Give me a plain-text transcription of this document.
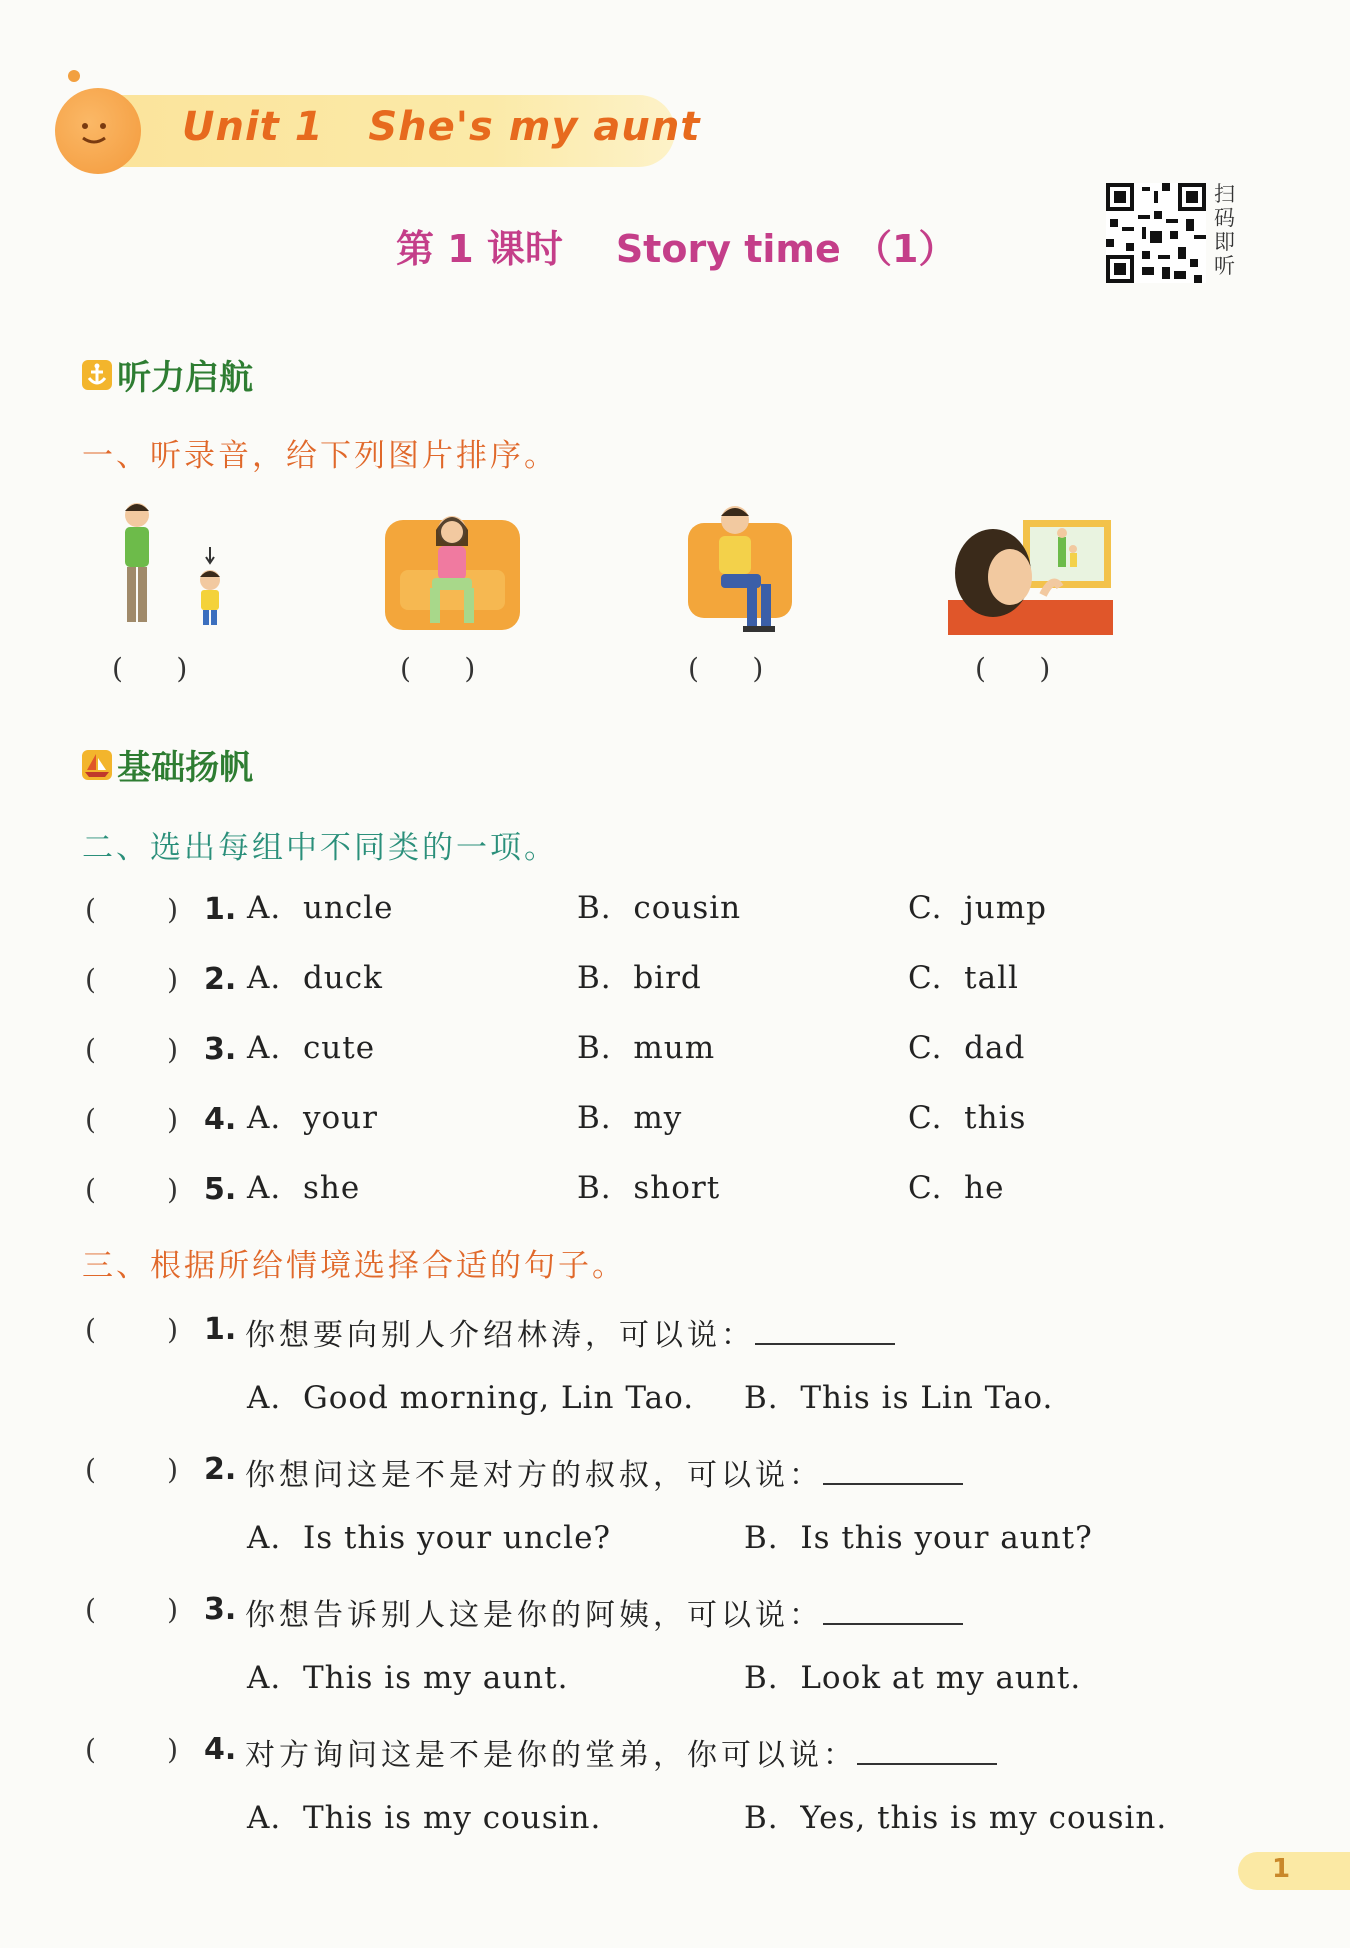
Unit 1 She's my aunt
第 1 课时    Story time （1）
扫码即听
听力启航
一、听录音，给下列图片排序。
(      )	(      )	(      )	(      )
基础扬帆
二、选出每组中不同类的一项。
(        ) 1. A.  uncle	B.  cousin	C.  jump
(        ) 2. A.  duck	B.  bird	C.  tall
(        ) 3. A.  cute	B.  mum	C.  dad
(        ) 4. A.  your	B.  my	C.  this
(        ) 5. A.  she	B.  short	C.  he
三、根据所给情境选择合适的句子。
(        ) 1. 你想要向别人介绍林涛，可以说：
A.  Good morning, Lin Tao. B.  This is Lin Tao.
(        ) 2. 你想问这是不是对方的叔叔，可以说：
A.  Is this your uncle?	B.  Is this your aunt?
(        ) 3. 你想告诉别人这是你的阿姨，可以说：
A.  This is my aunt.	B.  Look at my aunt.
(        ) 4. 对方询问这是不是你的堂弟，你可以说：
A.  This is my cousin.	B.  Yes, this is my cousin.
1
